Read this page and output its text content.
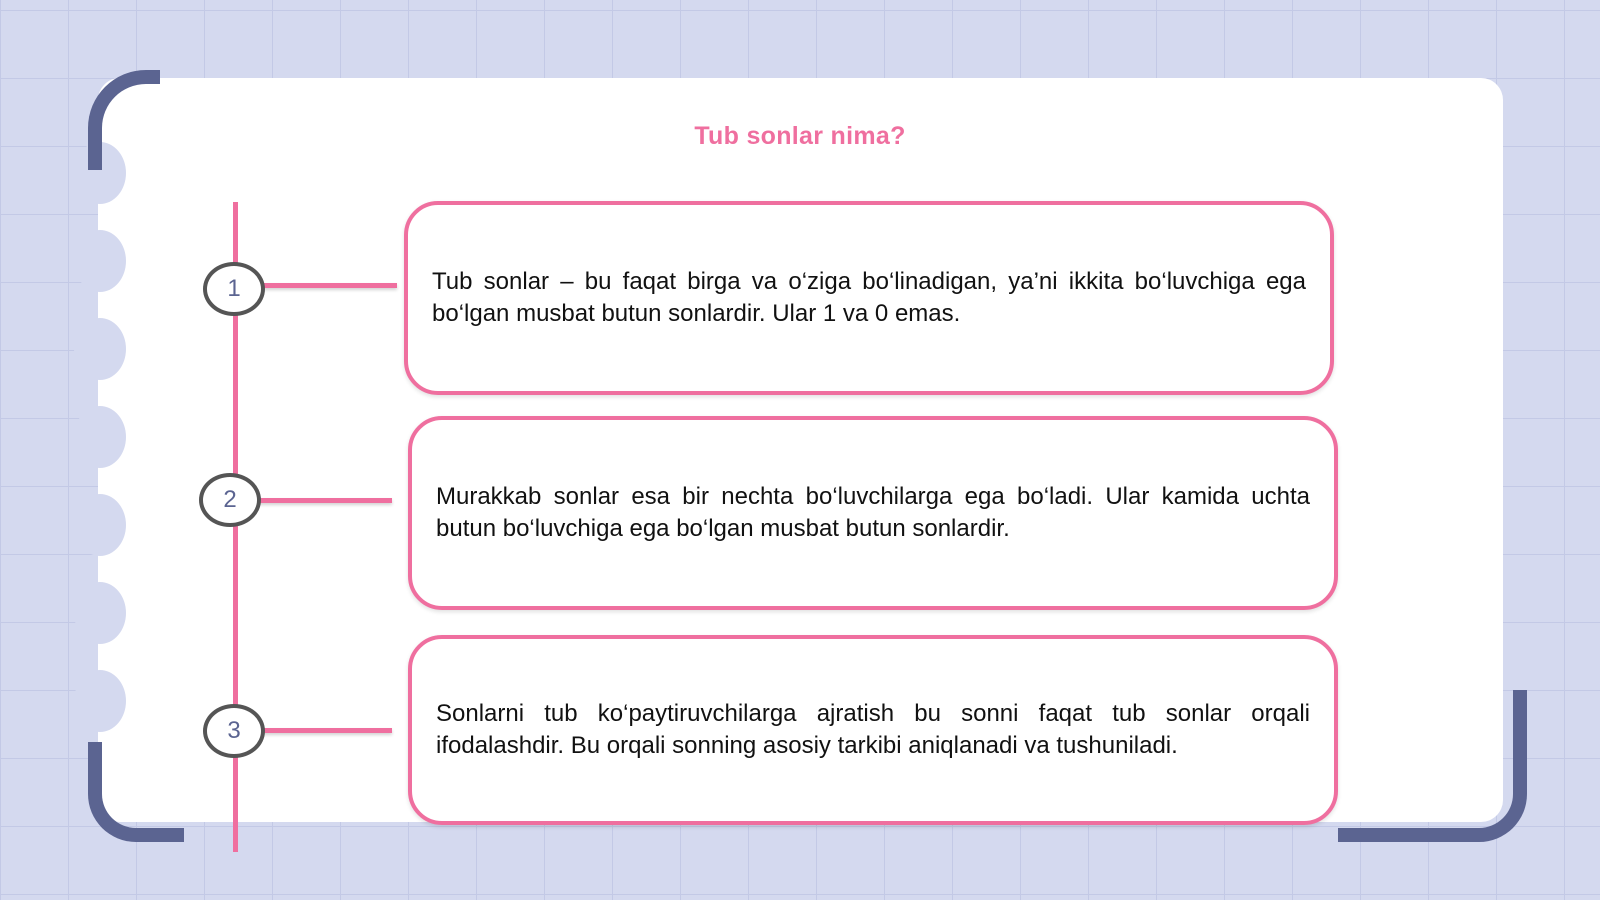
Tub sonlar nima?
1
2
3

Tub sonlar – bu faqat birga va o‘ziga bo‘linadigan, ya’ni ikkita bo‘luvchiga ega bo‘lgan musbat butun sonlardir. Ular 1 va 0 emas.

Murakkab sonlar esa bir nechta bo‘luvchilarga ega bo‘ladi. Ular kamida uchta butun bo‘luvchiga ega bo‘lgan musbat butun sonlardir.

Sonlarni tub ko‘paytiruvchilarga ajratish bu sonni faqat tub sonlar orqali ifodalashdir. Bu orqali sonning asosiy tarkibi aniqlanadi va tushuniladi.
